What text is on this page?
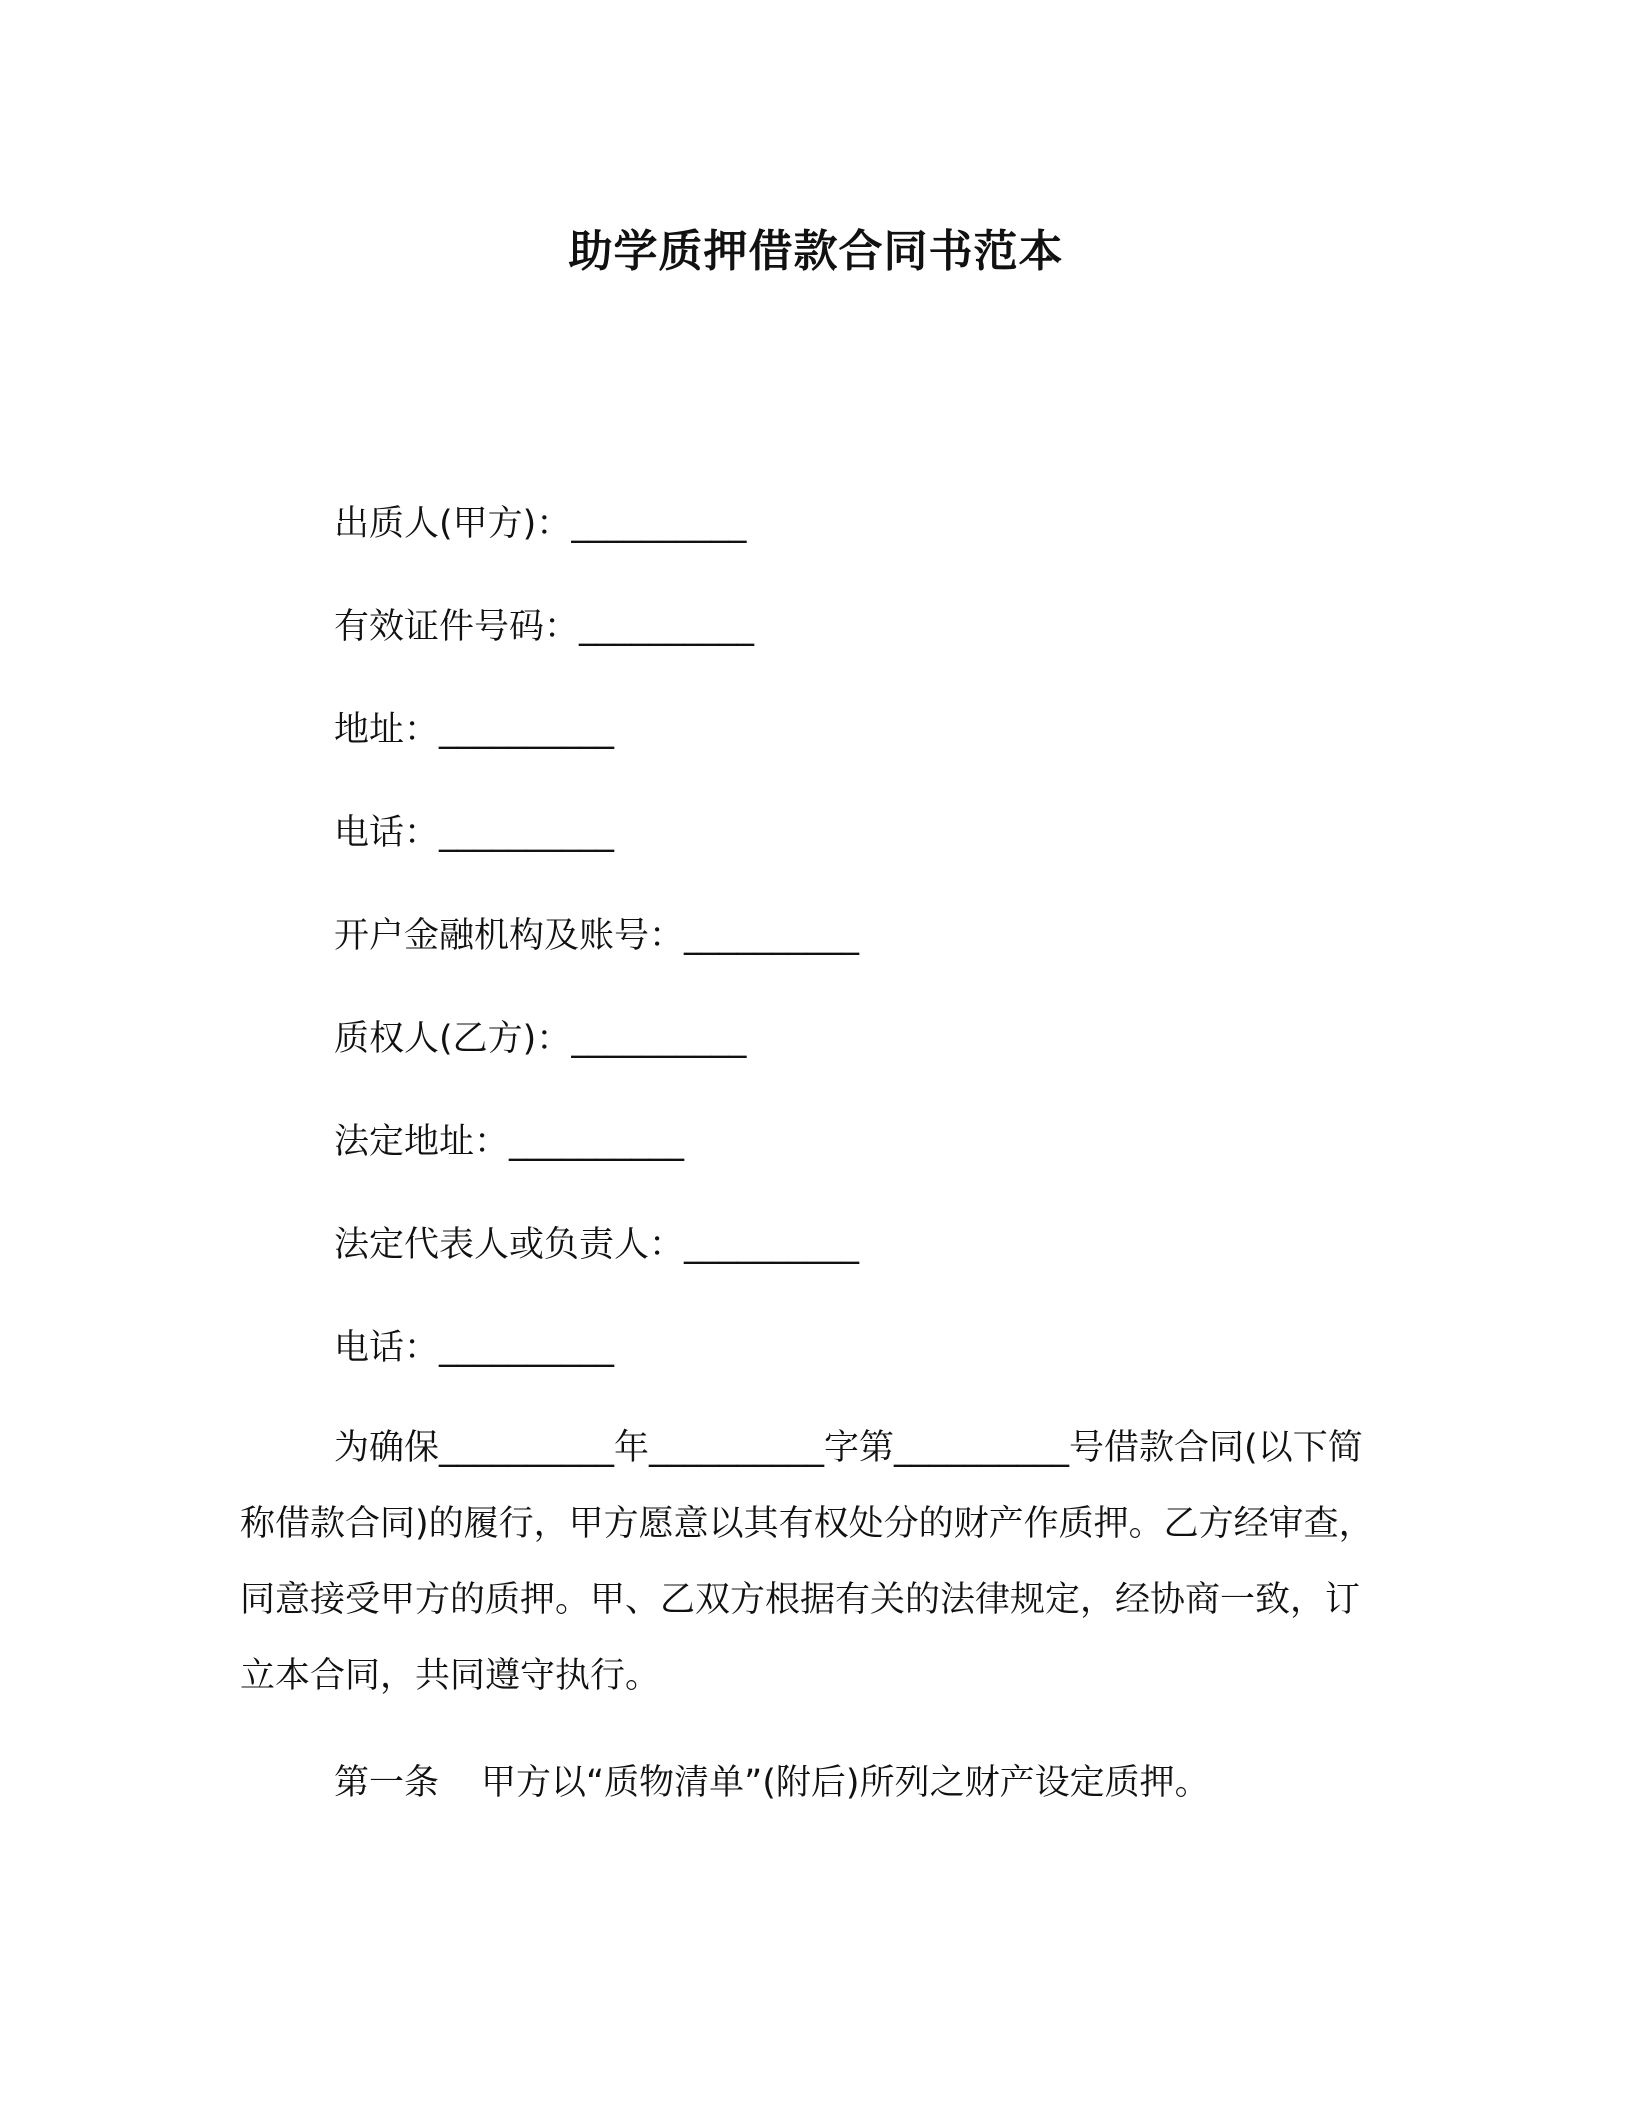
助学质押借款合同书范本
出质人(甲方)：__________
有效证件号码：__________
地址：__________
电话：__________
开户金融机构及账号：__________
质权人(乙方)：__________
法定地址：__________
法定代表人或负责人：__________
电话：__________

为确保__________年__________字第__________号借款合同(以下简称借款合同)的履行，甲方愿意以其有权处分的财产作质押。乙方经审查，同意接受甲方的质押。甲、乙双方根据有关的法律规定，经协商一致，订立本合同，共同遵守执行。

第一条 甲方以“质物清单”(附后)所列之财产设定质押。
